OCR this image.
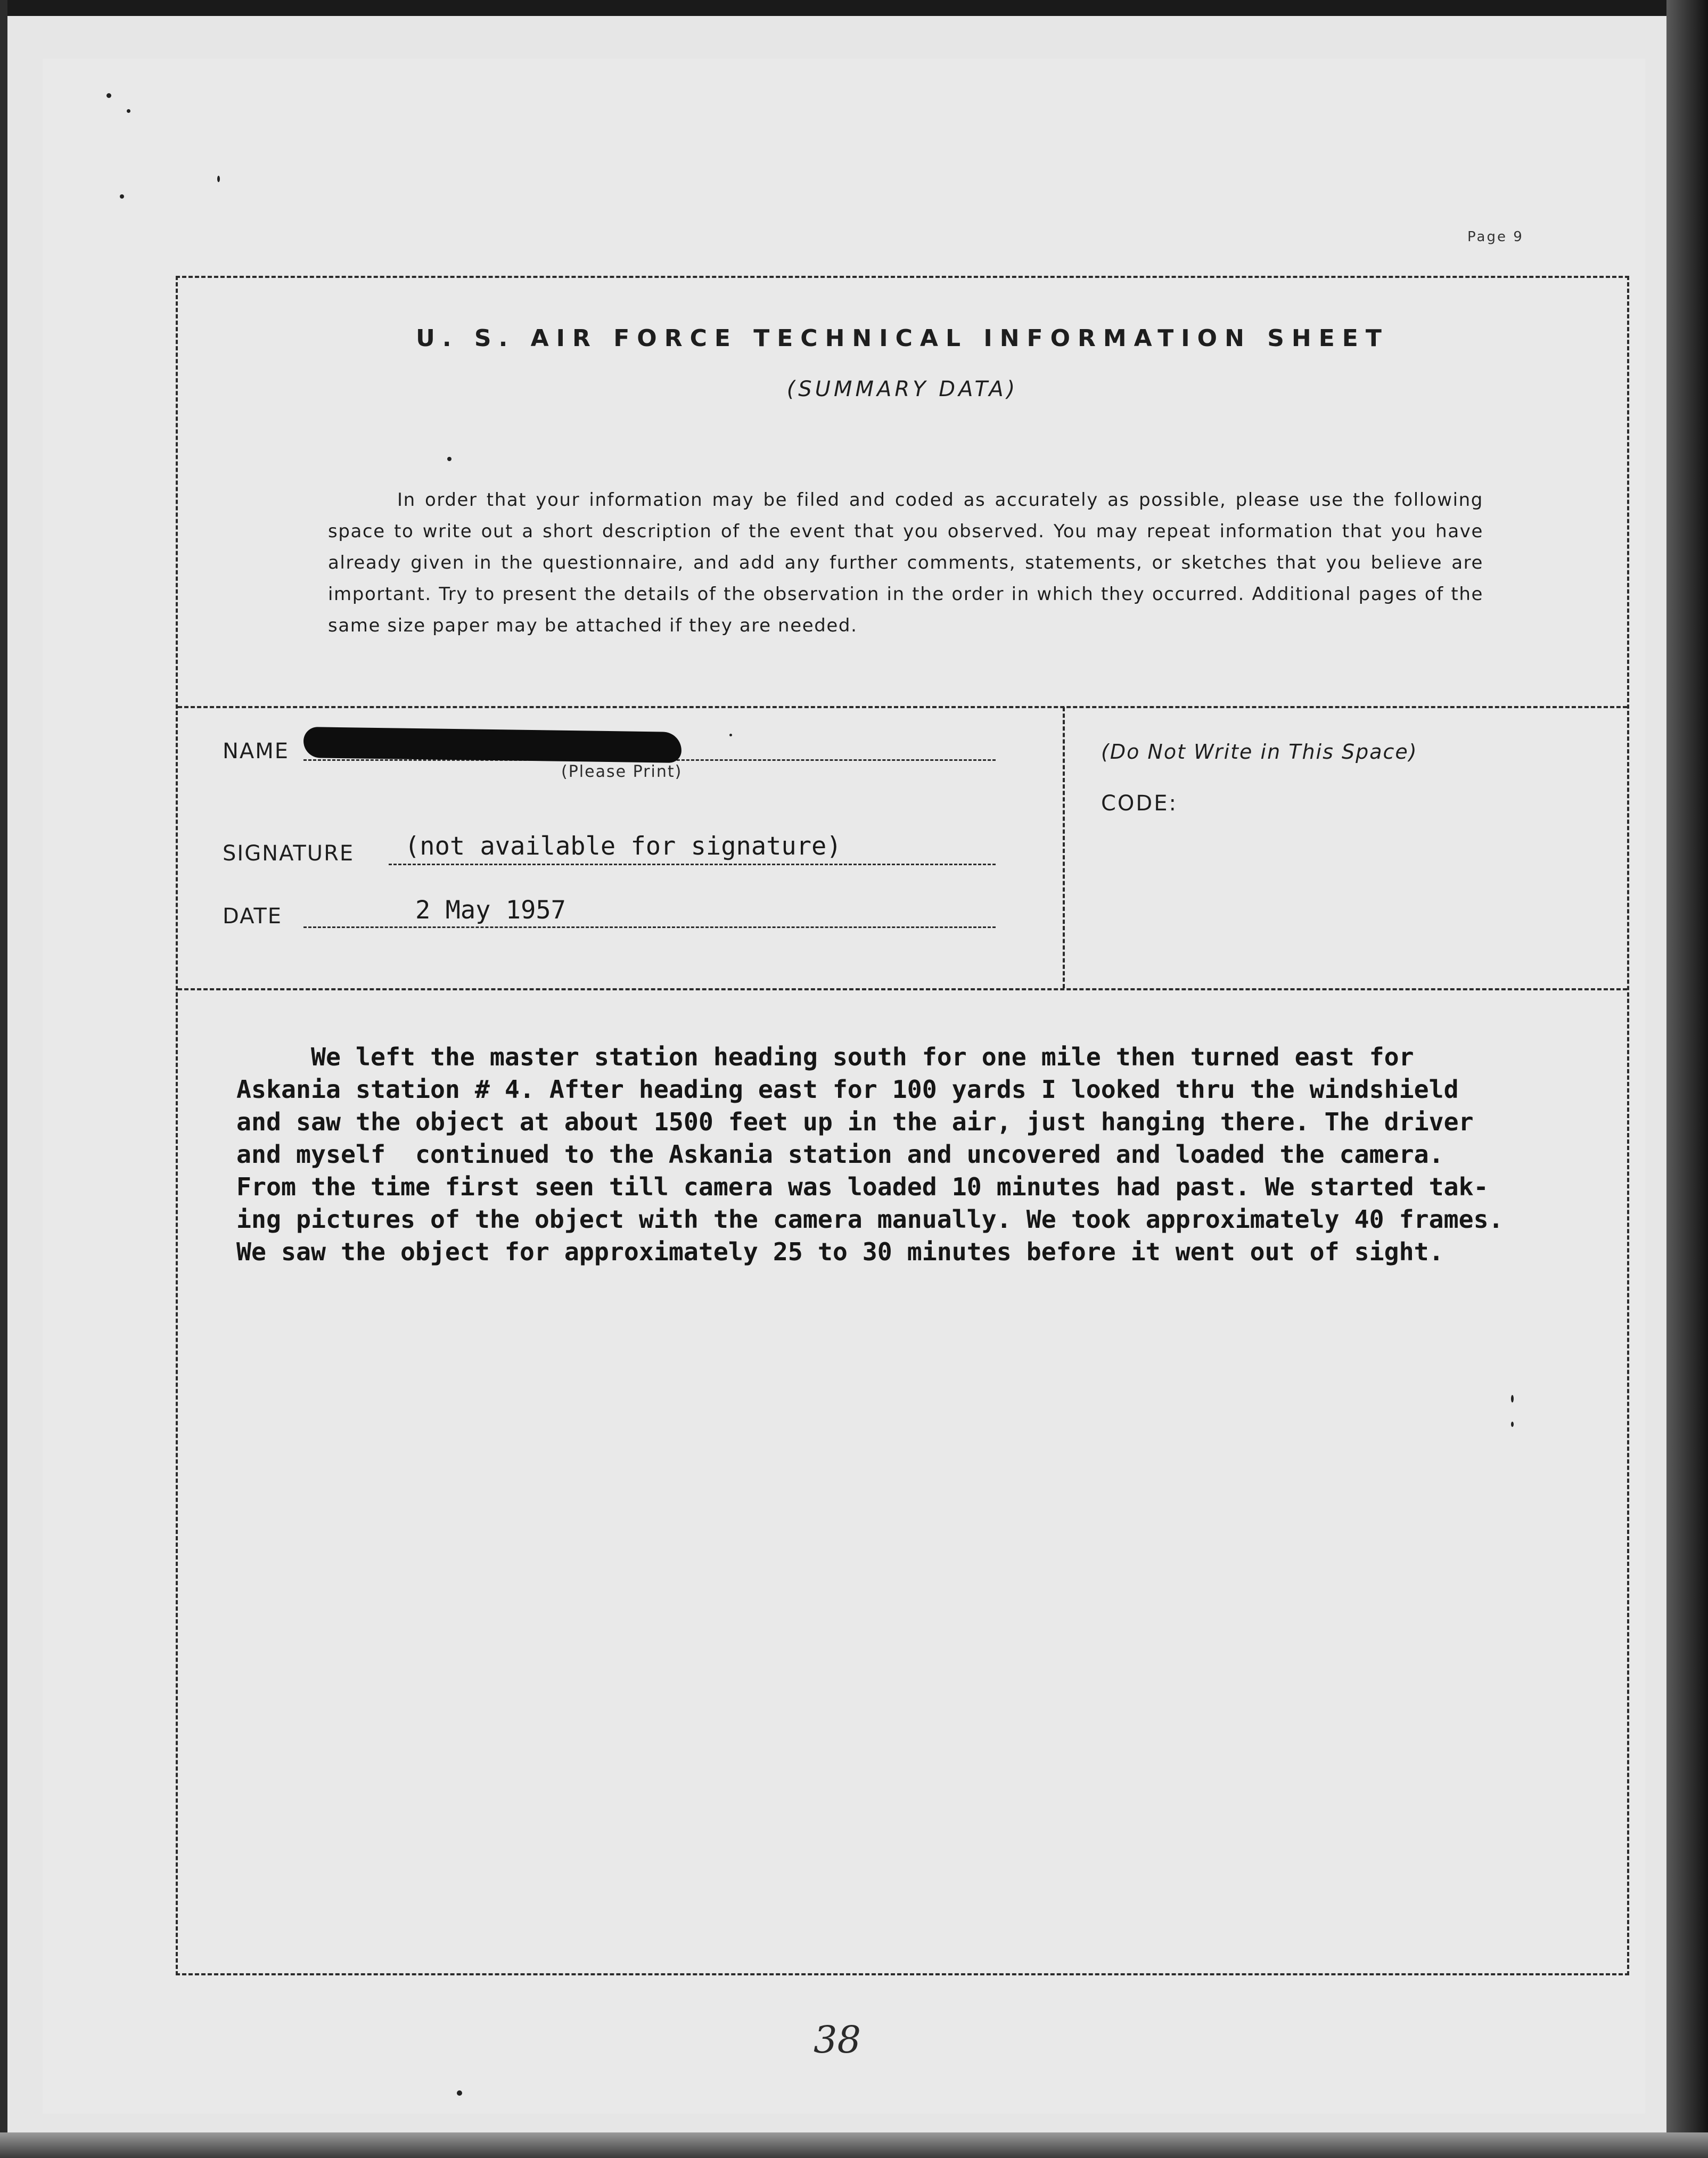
Page 9
U. S. AIR FORCE TECHNICAL INFORMATION SHEET
(SUMMARY DATA)
In order that your information may be filed and coded as accurately as possible, please use the following space to write out a short description of the event that you observed. You may repeat information that you have already given in the questionnaire, and add any further comments, statements, or sketches that you believe are important. Try to present the details of the observation in the order in which they occurred. Additional pages of the same size paper may be attached if they are needed.
NAME
(Please Print)
SIGNATURE (not available for signature)
DATE	2 May 1957
(Do Not Write in This Space)
CODE:

We left the master station heading south for one mile then turned east for
Askania station # 4. After heading east for 100 yards I looked thru the windshield
and saw the object at about 1500 feet up in the air, just hanging there. The driver
and myself  continued to the Askania station and uncovered and loaded the camera.
From the time first seen till camera was loaded 10 minutes had past. We started tak-
ing pictures of the object with the camera manually. We took approximately 40 frames.
We saw the object for approximately 25 to 30 minutes before it went out of sight.
38
